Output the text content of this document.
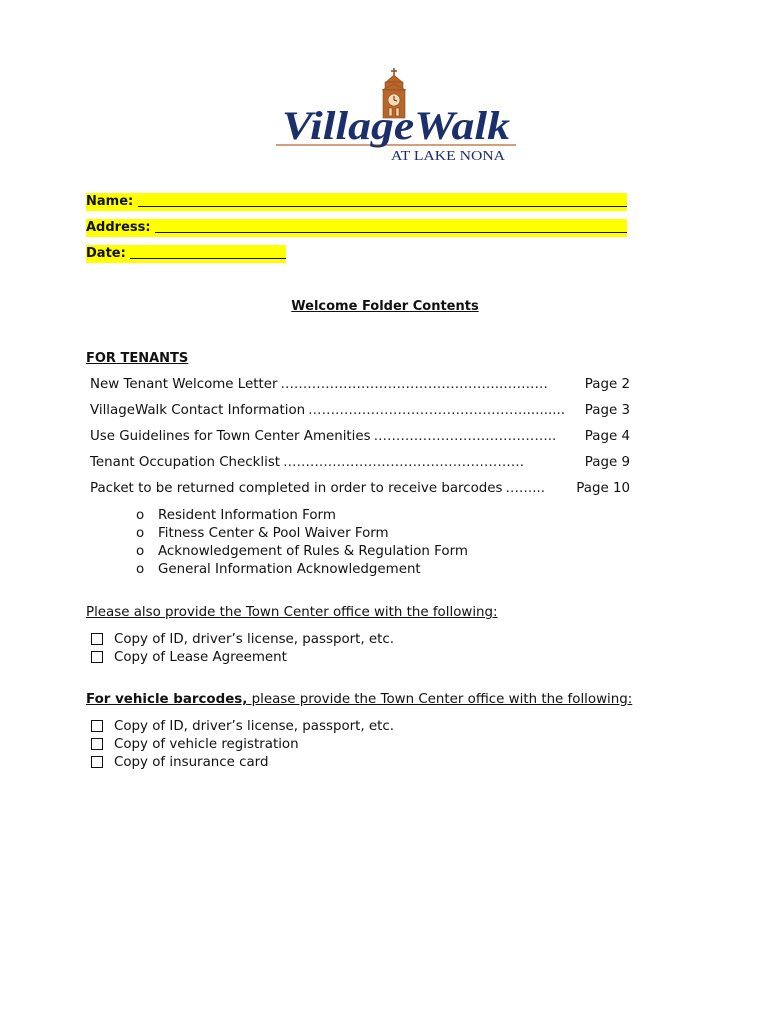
VillageWalk
AT LAKE NONA
Name:
Address:
Date:
Welcome Folder Contents
FOR TENANTS
New Tenant Welcome Letter …………………………………………..……….	Page 2
VillageWalk Contact Information …………………………………………..........	Page 3
Use Guidelines for Town Center Amenities …………………………………..	Page 4
Tenant Occupation Checklist ………………………………………………	Page 9
Packet to be returned completed in order to receive barcodes ……...	Page 10
o Resident Information Form
o Fitness Center & Pool Waiver Form
o Acknowledgement of Rules & Regulation Form
o General Information Acknowledgement
Please also provide the Town Center office with the following:
Copy of ID, driver’s license, passport, etc.
Copy of Lease Agreement
For vehicle barcodes, please provide the Town Center office with the following:
Copy of ID, driver’s license, passport, etc.
Copy of vehicle registration
Copy of insurance card
